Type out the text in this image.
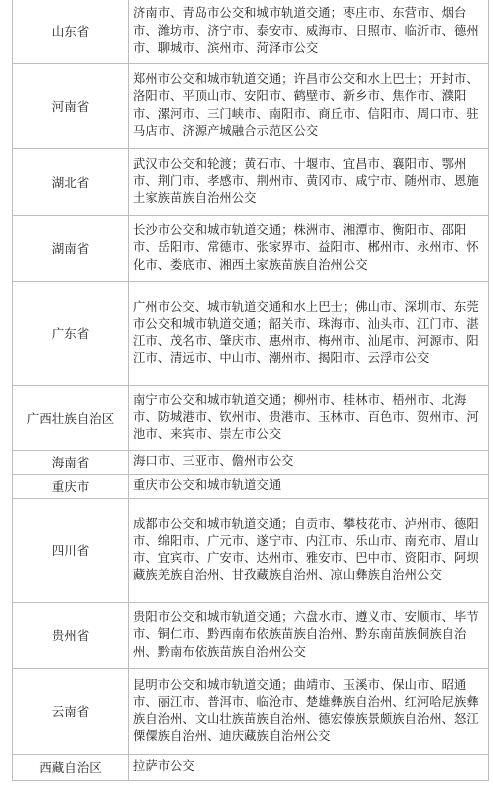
山东省	济南市、青岛市公交和城市轨道交通；枣庄市、东营市、烟台市、潍坊市、济宁市、泰安市、威海市、日照市、临沂市、德州市、聊城市、滨州市、菏泽市公交
河南省	郑州市公交和城市轨道交通；许昌市公交和水上巴士；开封市、洛阳市、平顶山市、安阳市、鹤壁市、新乡市、焦作市、濮阳市、漯河市、三门峡市、南阳市、商丘市、信阳市、周口市、驻马店市、济源产城融合示范区公交
湖北省	武汉市公交和轮渡；黄石市、十堰市、宜昌市、襄阳市、鄂州市、荆门市、孝感市、荆州市、黄冈市、咸宁市、随州市、恩施土家族苗族自治州公交
湖南省	长沙市公交和城市轨道交通；株洲市、湘潭市、衡阳市、邵阳市、岳阳市、常德市、张家界市、益阳市、郴州市、永州市、怀化市、娄底市、湘西土家族苗族自治州公交
广东省	广州市公交、城市轨道交通和水上巴士；佛山市、深圳市、东莞市公交和城市轨道交通；韶关市、珠海市、汕头市、江门市、湛江市、茂名市、肇庆市、惠州市、梅州市、汕尾市、河源市、阳江市、清远市、中山市、潮州市、揭阳市、云浮市公交
广西壮族自治区	南宁市公交和城市轨道交通；柳州市、桂林市、梧州市、北海市、防城港市、钦州市、贵港市、玉林市、百色市、贺州市、河池市、来宾市、崇左市公交
海南省	海口市、三亚市、儋州市公交
重庆市	重庆市公交和城市轨道交通
四川省	成都市公交和城市轨道交通；自贡市、攀枝花市、泸州市、德阳市、绵阳市、广元市、遂宁市、内江市、乐山市、南充市、眉山市、宜宾市、广安市、达州市、雅安市、巴中市、资阳市、阿坝藏族羌族自治州、甘孜藏族自治州、凉山彝族自治州公交
贵州省	贵阳市公交和城市轨道交通；六盘水市、遵义市、安顺市、毕节市、铜仁市、黔西南布依族苗族自治州、黔东南苗族侗族自治州、黔南布依族苗族自治州公交
云南省	昆明市公交和城市轨道交通；曲靖市、玉溪市、保山市、昭通市、丽江市、普洱市、临沧市、楚雄彝族自治州、红河哈尼族彝族自治州、文山壮族苗族自治州、德宏傣族景颇族自治州、怒江傈僳族自治州、迪庆藏族自治州公交
西藏自治区	拉萨市公交
